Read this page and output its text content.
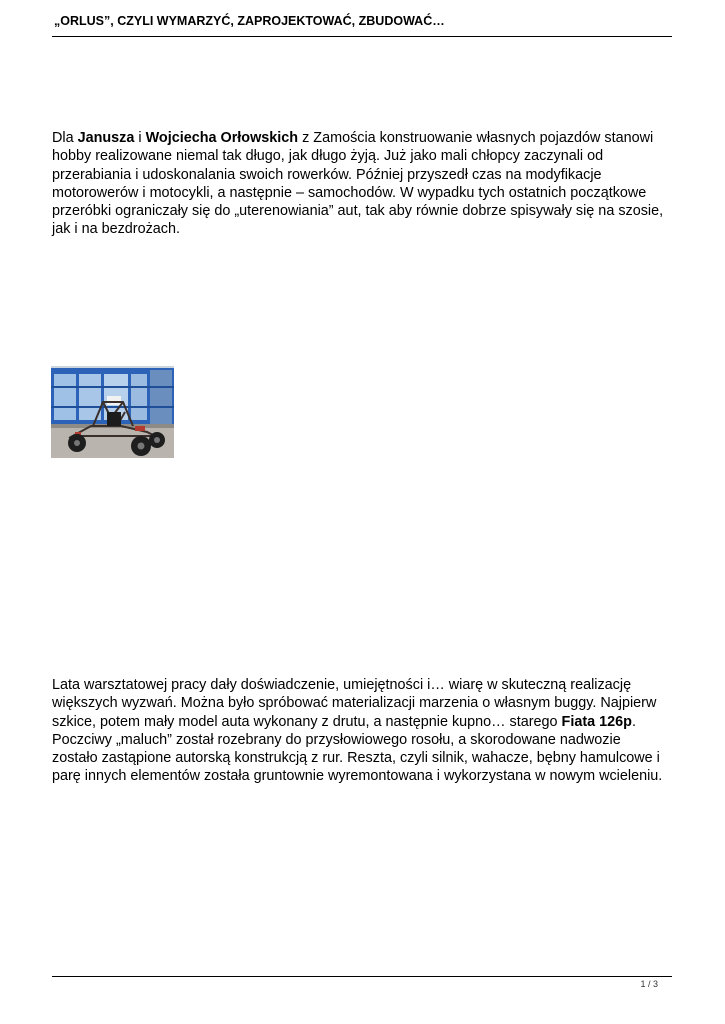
„ORLUS”, CZYLI WYMARZYĆ, ZAPROJEKTOWAĆ, ZBUDOWAĆ…
Dla Janusza i Wojciecha Orłowskich z Zamościa konstruowanie własnych pojazdów stanowi
hobby realizowane niemal tak długo, jak długo żyją. Już jako mali chłopcy zaczynali od
przerabiania i udoskonalania swoich rowerków. Później przyszedł czas na modyfikacje
motorowerów i motocykli, a następnie – samochodów. W wypadku tych ostatnich początkowe
przeróbki ograniczały się do „uterenowiania” aut, tak aby równie dobrze spisywały się na szosie,
jak i na bezdrożach.
Lata warsztatowej pracy dały doświadczenie, umiejętności i… wiarę w skuteczną realizację
większych wyzwań. Można było spróbować materializacji marzenia o własnym buggy. Najpierw
szkice, potem mały model auta wykonany z drutu, a następnie kupno… starego Fiata 126p.
Poczciwy „maluch” został rozebrany do przysłowiowego rosołu, a skorodowane nadwozie
zostało zastąpione autorską konstrukcją z rur. Reszta, czyli silnik, wahacze, bębny hamulcowe i
parę innych elementów została gruntownie wyremontowana i wykorzystana w nowym wcieleniu.
1 / 3
